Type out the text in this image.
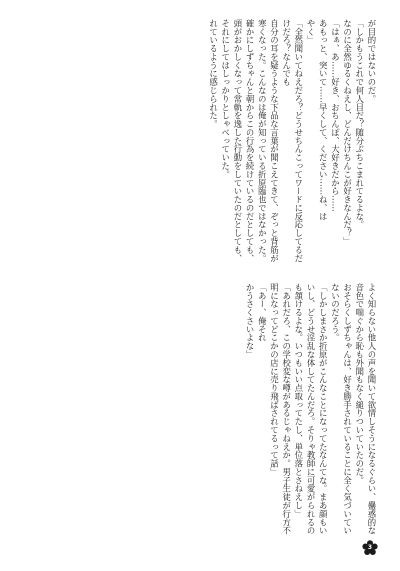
が目的ではないのだ。

「しかもうこれで何人目だ？随分ぶちこまれてるよな。

なのに全然ゆるくねえし、どんだけちんこが好きなんだ？」

「はぁ、あ……好き、おちんぽ、大好きだから……

あもっと、突いて……早くして、ください……ね、は

やく」

「全然聞いてねえだろ？どうせちんこってワードに反応してるだけだろ？なんでも

自分の耳を疑うような下品な言葉が聞こえてきて、ぞっと背筋が寒くなった。こんなのは俺が知っている折原臨也ではなかった。確かにしずちゃんと朝からこの行為を続けているのだとしても、頭がおかしくなって常軌を逸した行動をしていたのだとしても、それにしてはしっかりとしゃべっていた。

れているように感じられた。

よく知らない他人の声を聞いて欲情しそうになるぐらい、蠱惑的な音色で喘ぐから恥も外聞もなく縋りついていたのだ。

おそらくしずちゃんは、好き勝手されていることに全く気づいていないのだろう。

「しかしまさか折原がこんなことになってたなんてな。まあ顔もいいし、どうせ淫乱な体してたんだろ。そりゃ教師に可愛がられるのも頷けるよな。いつもいい点取ってたし、単位落とさねえし」

「あれだろ、この学校変な噂があるじゃねえか。男子生徒が行方不明になってどこかの店に売り飛ばされてるって話」

「あー、俺それ

かうさくさいよな」

3
